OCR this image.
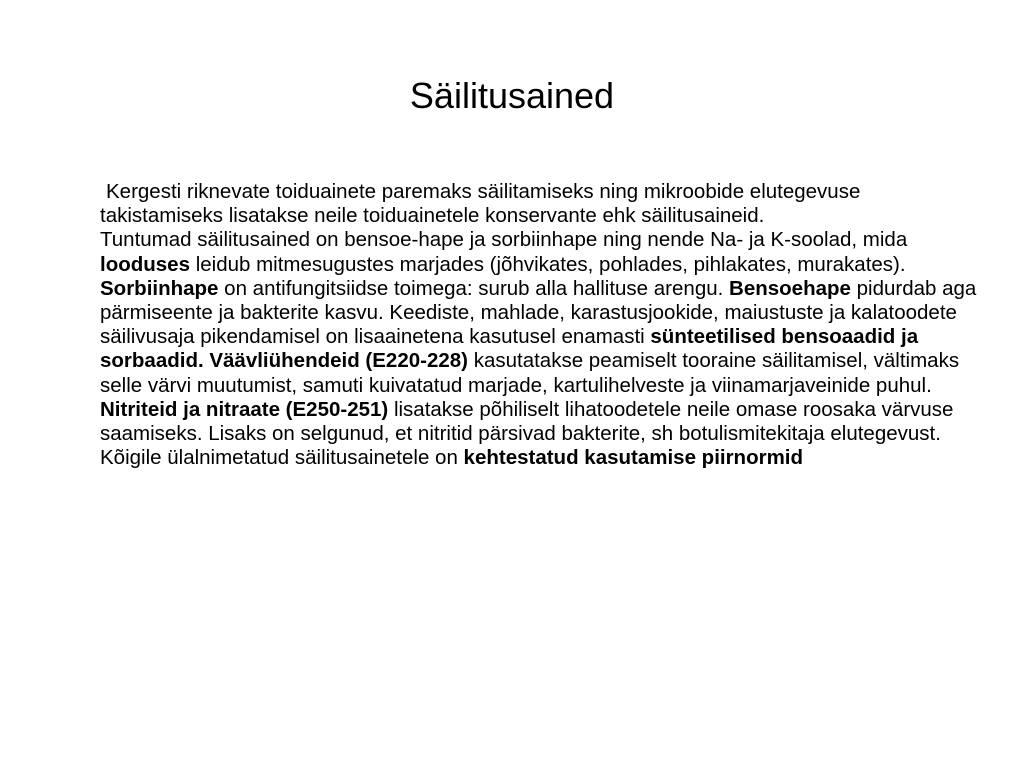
Säilitusained
Kergesti riknevate toiduainete paremaks säilitamiseks ning mikroobide elutegevuse takistamiseks lisatakse neile toiduainetele konservante ehk säilitusaineid.
Tuntumad säilitusained on bensoe-hape ja sorbiinhape ning nende Na- ja K-soolad, mida looduses leidub mitmesugustes marjades (jõhvikates, pohlades, pihlakates, murakates). Sorbiinhape on antifungitsiidse toimega: surub alla hallituse arengu. Bensoehape pidurdab aga pärmiseente ja bakterite kasvu. Keediste, mahlade, karastusjookide, maiustuste ja kalatoodete säilivusaja pikendamisel on lisaainetena kasutusel enamasti sünteetilised bensoaadid ja sorbaadid. Väävliühendeid (E220-228) kasutatakse peamiselt tooraine säilitamisel, vältimaks selle värvi muutumist, samuti kuivatatud marjade, kartulihelveste ja viinamarjaveinide puhul. Nitriteid ja nitraate (E250-251) lisatakse põhiliselt lihatoodetele neile omase roosaka värvuse saamiseks. Lisaks on selgunud, et nitritid pärsivad bakterite, sh botulismitekitaja elutegevust. Kõigile ülalnimetatud säilitusainetele on kehtestatud kasutamise piirnormid
